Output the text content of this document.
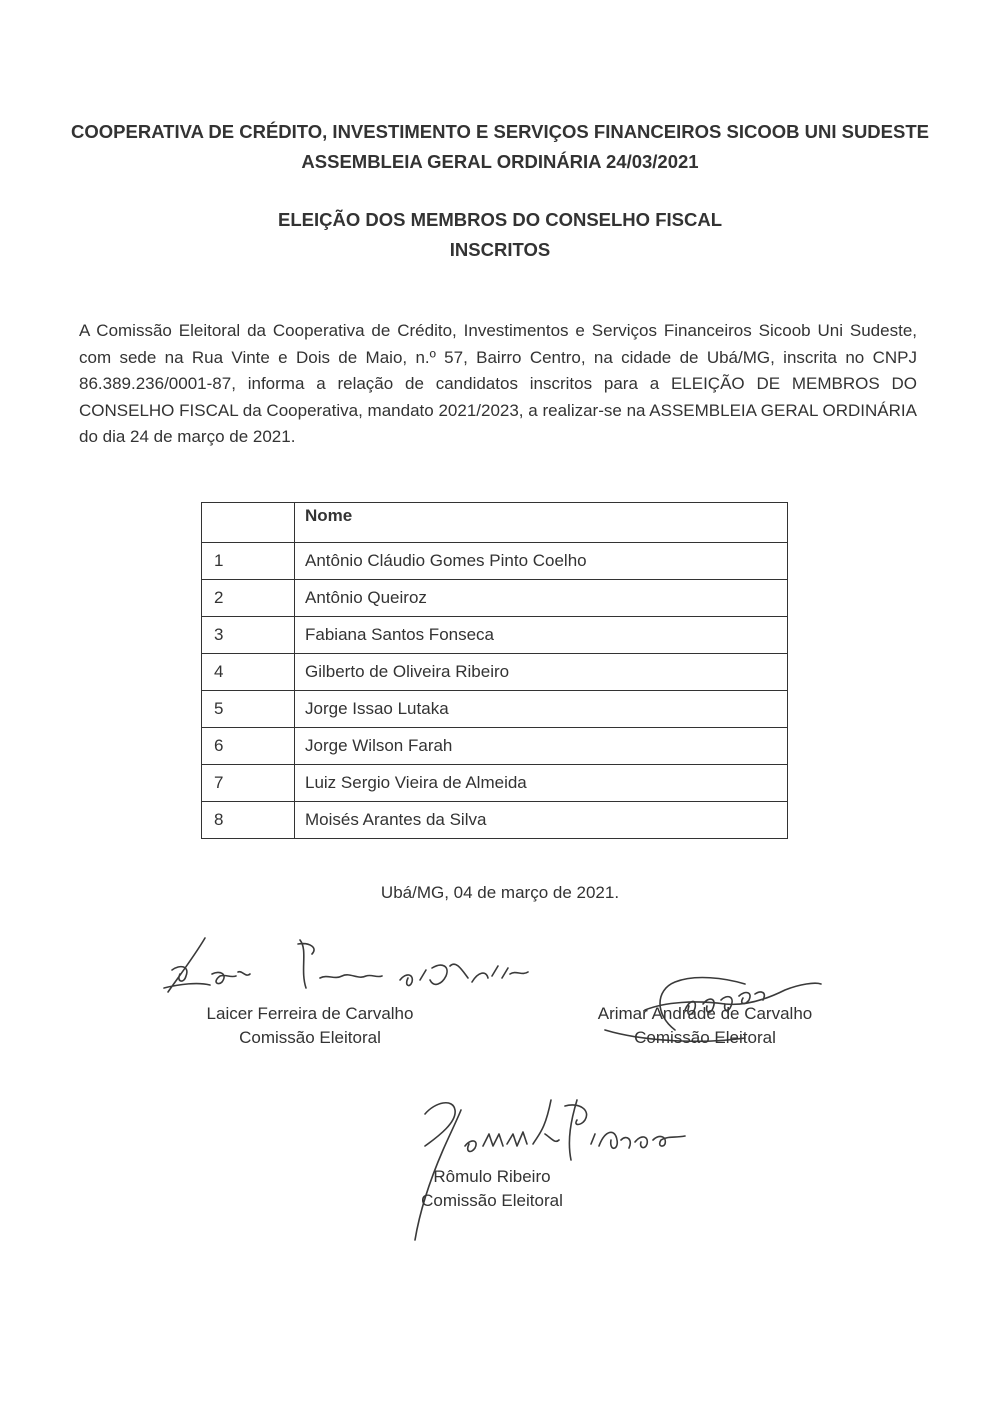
COOPERATIVA DE CRÉDITO, INVESTIMENTO E SERVIÇOS FINANCEIROS SICOOB UNI SUDESTE
ASSEMBLEIA GERAL ORDINÁRIA 24/03/2021
ELEIÇÃO DOS MEMBROS DO CONSELHO FISCAL
INSCRITOS

A Comissão Eleitoral da Cooperativa de Crédito, Investimentos e Serviços Financeiros Sicoob Uni Sudeste, com sede na Rua Vinte e Dois de Maio, n.º 57, Bairro Centro, na cidade de Ubá/MG, inscrita no CNPJ 86.389.236/0001-87, informa a relação de candidatos inscritos para a ELEIÇÃO DE MEMBROS DO CONSELHO FISCAL da Cooperativa, mandato 2021/2023, a realizar-se na ASSEMBLEIA GERAL ORDINÁRIA do dia 24 de março de 2021.

	Nome
1	Antônio Cláudio Gomes Pinto Coelho
2	Antônio Queiroz
3	Fabiana Santos Fonseca
4	Gilberto de Oliveira Ribeiro
5	Jorge Issao Lutaka
6	Jorge Wilson Farah
7	Luiz Sergio Vieira de Almeida
8	Moisés Arantes da Silva
Ubá/MG, 04 de março de 2021.
Laicer Ferreira de Carvalho
Comissão Eleitoral
Arimar Andrade de Carvalho
Comissão Eleitoral
Rômulo Ribeiro
Comissão Eleitoral
